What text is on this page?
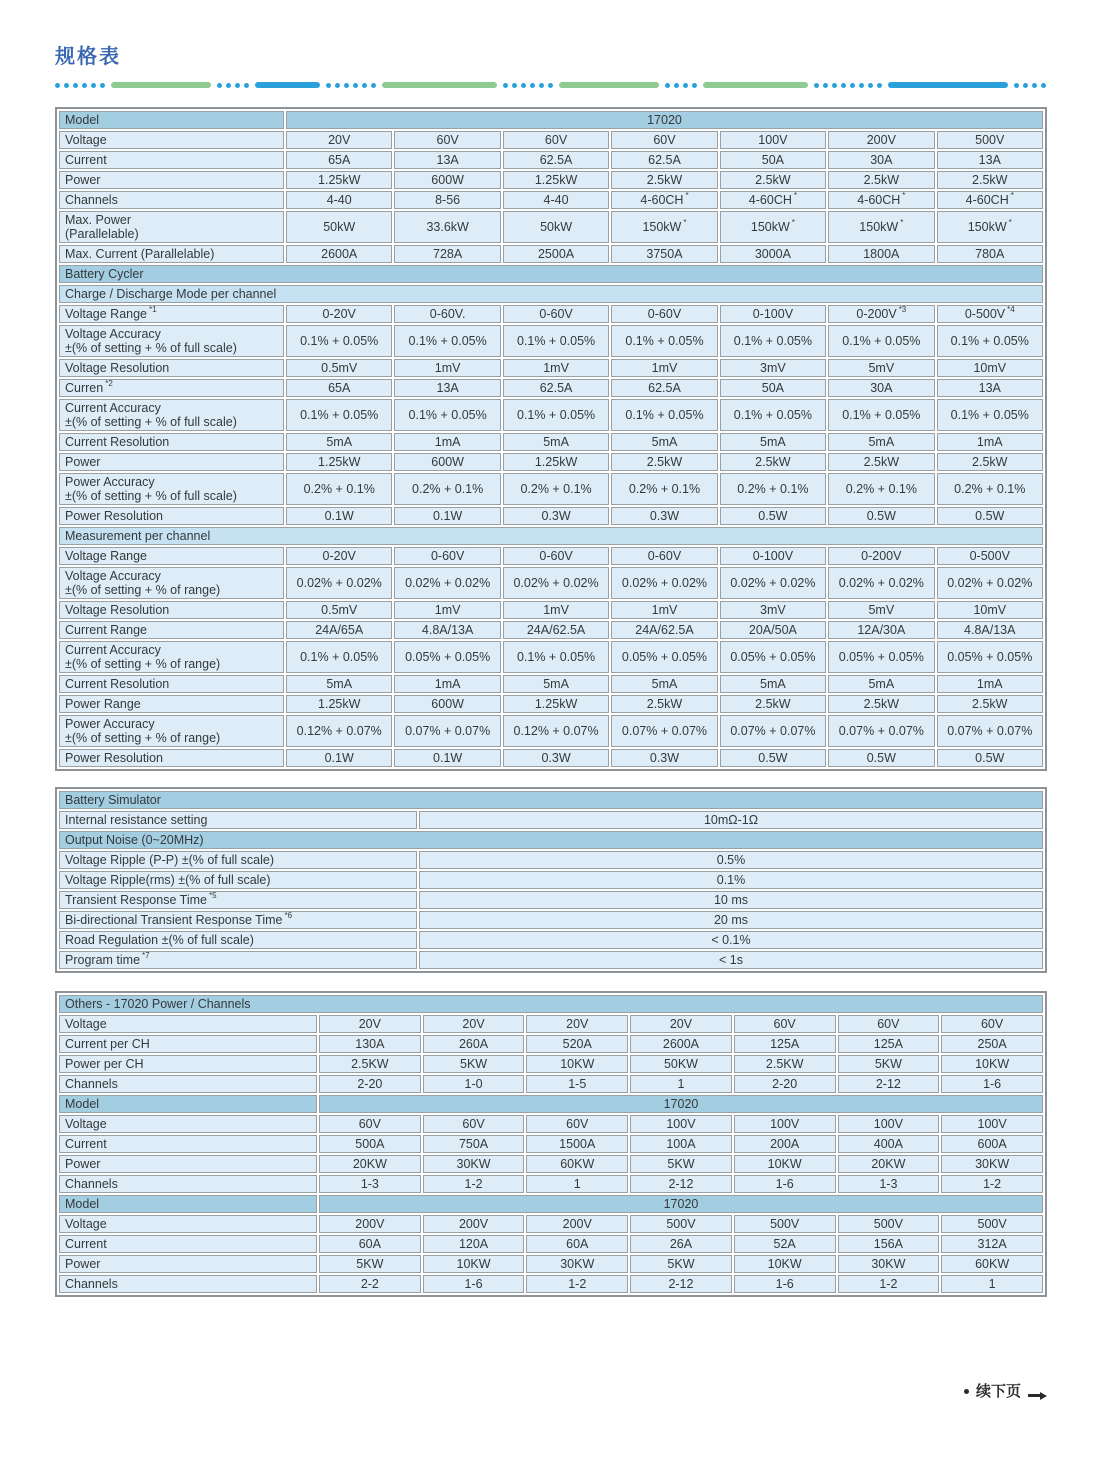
规格表
Model	17020						
Voltage	20V	60V	60V	60V	100V	200V	500V
Current	65A	13A	62.5A	62.5A	50A	30A	13A
Power	1.25kW	600W	1.25kW	2.5kW	2.5kW	2.5kW	2.5kW
Channels	4-40	8-56	4-40	4-60CH *	4-60CH *	4-60CH *	4-60CH *
Max. Power
(Parallelable)	50kW	33.6kW	50kW	150kW *	150kW *	150kW *	150kW *
Max. Current (Parallelable)	2600A	728A	2500A	3750A	3000A	1800A	780A
Battery Cycler							
Charge / Discharge Mode per channel							
Voltage Range $^{*1}$	0-20V	0-60V.	0-60V	0-60V	0-100V	0-200V $^{*3}$	0-500V $^{*4}$
Voltage Accuracy
±(% of setting + % of full scale)	0.1% + 0.05%	0.1% + 0.05%	0.1% + 0.05%	0.1% + 0.05%	0.1% + 0.05%	0.1% + 0.05%	0.1% + 0.05%
Voltage Resolution	0.5mV	1mV	1mV	1mV	3mV	5mV	10mV
Curren $^{*2}$	65A	13A	62.5A	62.5A	50A	30A	13A
Current Accuracy
±(% of setting + % of full scale)	0.1% + 0.05%	0.1% + 0.05%	0.1% + 0.05%	0.1% + 0.05%	0.1% + 0.05%	0.1% + 0.05%	0.1% + 0.05%
Current Resolution	5mA	1mA	5mA	5mA	5mA	5mA	1mA
Power	1.25kW	600W	1.25kW	2.5kW	2.5kW	2.5kW	2.5kW
Power Accuracy
±(% of setting + % of full scale)	0.2% + 0.1%	0.2% + 0.1%	0.2% + 0.1%	0.2% + 0.1%	0.2% + 0.1%	0.2% + 0.1%	0.2% + 0.1%
Power Resolution	0.1W	0.1W	0.3W	0.3W	0.5W	0.5W	0.5W
Measurement per channel							
Voltage Range	0-20V	0-60V	0-60V	0-60V	0-100V	0-200V	0-500V
Voltage Accuracy
±(% of setting + % of range)	0.02% + 0.02%	0.02% + 0.02%	0.02% + 0.02%	0.02% + 0.02%	0.02% + 0.02%	0.02% + 0.02%	0.02% + 0.02%
Voltage Resolution	0.5mV	1mV	1mV	1mV	3mV	5mV	10mV
Current Range	24A/65A	4.8A/13A	24A/62.5A	24A/62.5A	20A/50A	12A/30A	4.8A/13A
Current Accuracy
±(% of setting + % of range)	0.1% + 0.05%	0.05% + 0.05%	0.1% + 0.05%	0.05% + 0.05%	0.05% + 0.05%	0.05% + 0.05%	0.05% + 0.05%
Current Resolution	5mA	1mA	5mA	5mA	5mA	5mA	1mA
Power Range	1.25kW	600W	1.25kW	2.5kW	2.5kW	2.5kW	2.5kW
Power Accuracy
±(% of setting + % of range)	0.12% + 0.07%	0.07% + 0.07%	0.12% + 0.07%	0.07% + 0.07%	0.07% + 0.07%	0.07% + 0.07%	0.07% + 0.07%
Power Resolution	0.1W	0.1W	0.3W	0.3W	0.5W	0.5W	0.5W
Battery Simulator	
Internal resistance setting	10mΩ-1Ω
Output Noise (0~20MHz)	
Voltage Ripple (P-P) ±(% of full scale)	0.5%
Voltage Ripple(rms) ±(% of full scale)	0.1%
Transient Response Time $^{*5}$	10 ms
Bi-directional Transient Response Time $^{*6}$	20 ms
Road Regulation ±(% of full scale)	< 0.1%
Program time $^{*7}$	< 1s
Others - 17020 Power / Channels							
Voltage	20V	20V	20V	20V	60V	60V	60V
Current per CH	130A	260A	520A	2600A	125A	125A	250A
Power per CH	2.5KW	5KW	10KW	50KW	2.5KW	5KW	10KW
Channels	2-20	1-0	1-5	1	2-20	2-12	1-6
Model	17020						
Voltage	60V	60V	60V	100V	100V	100V	100V
Current	500A	750A	1500A	100A	200A	400A	600A
Power	20KW	30KW	60KW	5KW	10KW	20KW	30KW
Channels	1-3	1-2	1	2-12	1-6	1-3	1-2
Model	17020						
Voltage	200V	200V	200V	500V	500V	500V	500V
Current	60A	120A	60A	26A	52A	156A	312A
Power	5KW	10KW	30KW	5KW	10KW	30KW	60KW
Channels	2-2	1-6	1-2	2-12	1-6	1-2	1
续下页
